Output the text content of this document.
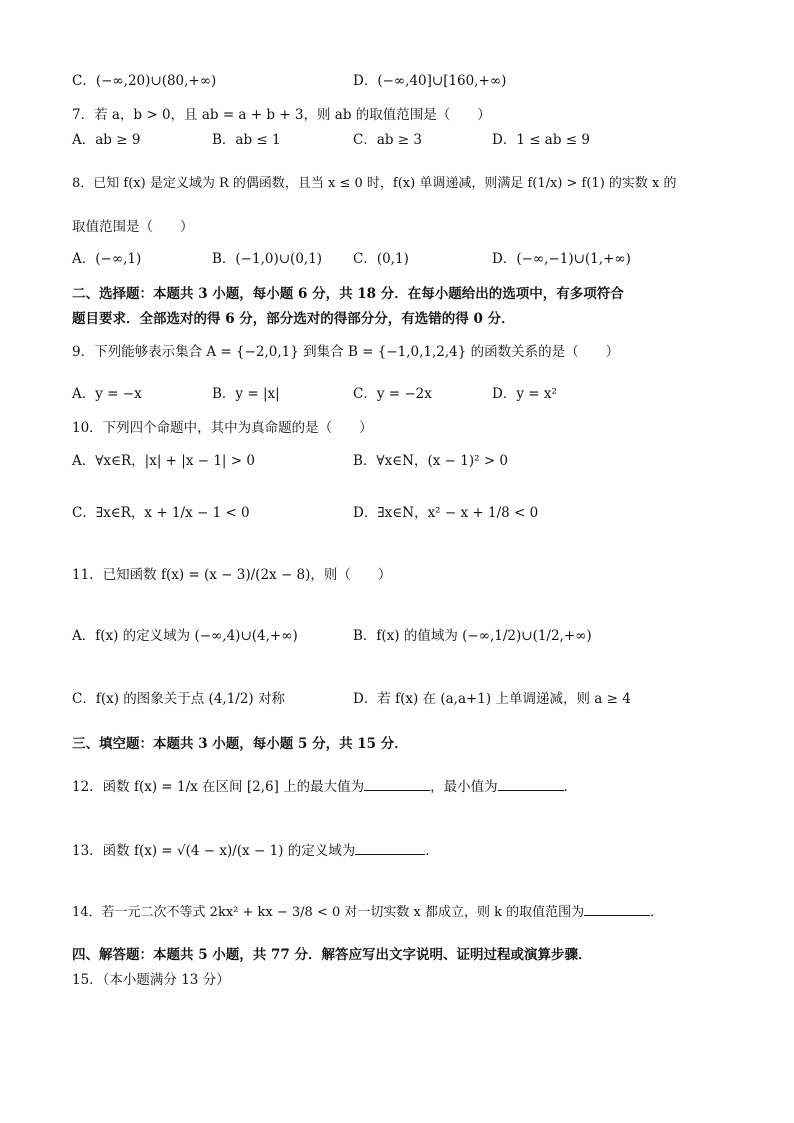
C．(−∞,20)∪(80,+∞)	D．(−∞,40]∪[160,+∞)
7．若 a，b > 0，且 ab = a + b + 3，则 ab 的取值范围是（　　）
A．ab ≥ 9	B．ab ≤ 1	C．ab ≥ 3	D．1 ≤ ab ≤ 9
8．已知 f(x) 是定义域为 R 的偶函数，且当 x ≤ 0 时，f(x) 单调递减，则满足 f(1/x) > f(1) 的实数 x 的
取值范围是（　　）
A．(−∞,1)	B．(−1,0)∪(0,1) C．(0,1)	D．(−∞,−1)∪(1,+∞)
二、选择题：本题共 3 小题，每小题 6 分，共 18 分．在每小题给出的选项中，有多项符合
题目要求．全部选对的得 6 分，部分选对的得部分分，有选错的得 0 分．
9．下列能够表示集合 A = {−2,0,1} 到集合 B = {−1,0,1,2,4} 的函数关系的是（　　）
A．y = −x	B．y = |x|	C．y = −2x	D．y = x²
10．下列四个命题中，其中为真命题的是（　　）
A．∀x∈R，|x| + |x − 1| > 0	B．∀x∈N，(x − 1)² > 0
C．∃x∈R，x + 1/x − 1 < 0	D．∃x∈N，x² − x + 1/8 < 0
11．已知函数 f(x) = (x − 3)/(2x − 8)，则（　　）
A．f(x) 的定义域为 (−∞,4)∪(4,+∞)	B．f(x) 的值域为 (−∞,1/2)∪(1/2,+∞)
C．f(x) 的图象关于点 (4,1/2) 对称	D．若 f(x) 在 (a,a+1) 上单调递减，则 a ≥ 4
三、填空题：本题共 3 小题，每小题 5 分，共 15 分．
12．函数 f(x) = 1/x 在区间 [2,6] 上的最大值为	，最小值为	．
13．函数 f(x) = √(4 − x)/(x − 1) 的定义域为	．
14．若一元二次不等式 2kx² + kx − 3/8 < 0 对一切实数 x 都成立，则 k 的取值范围为	．
四、解答题：本题共 5 小题，共 77 分．解答应写出文字说明、证明过程或演算步骤．
15．（本小题满分 13 分）
